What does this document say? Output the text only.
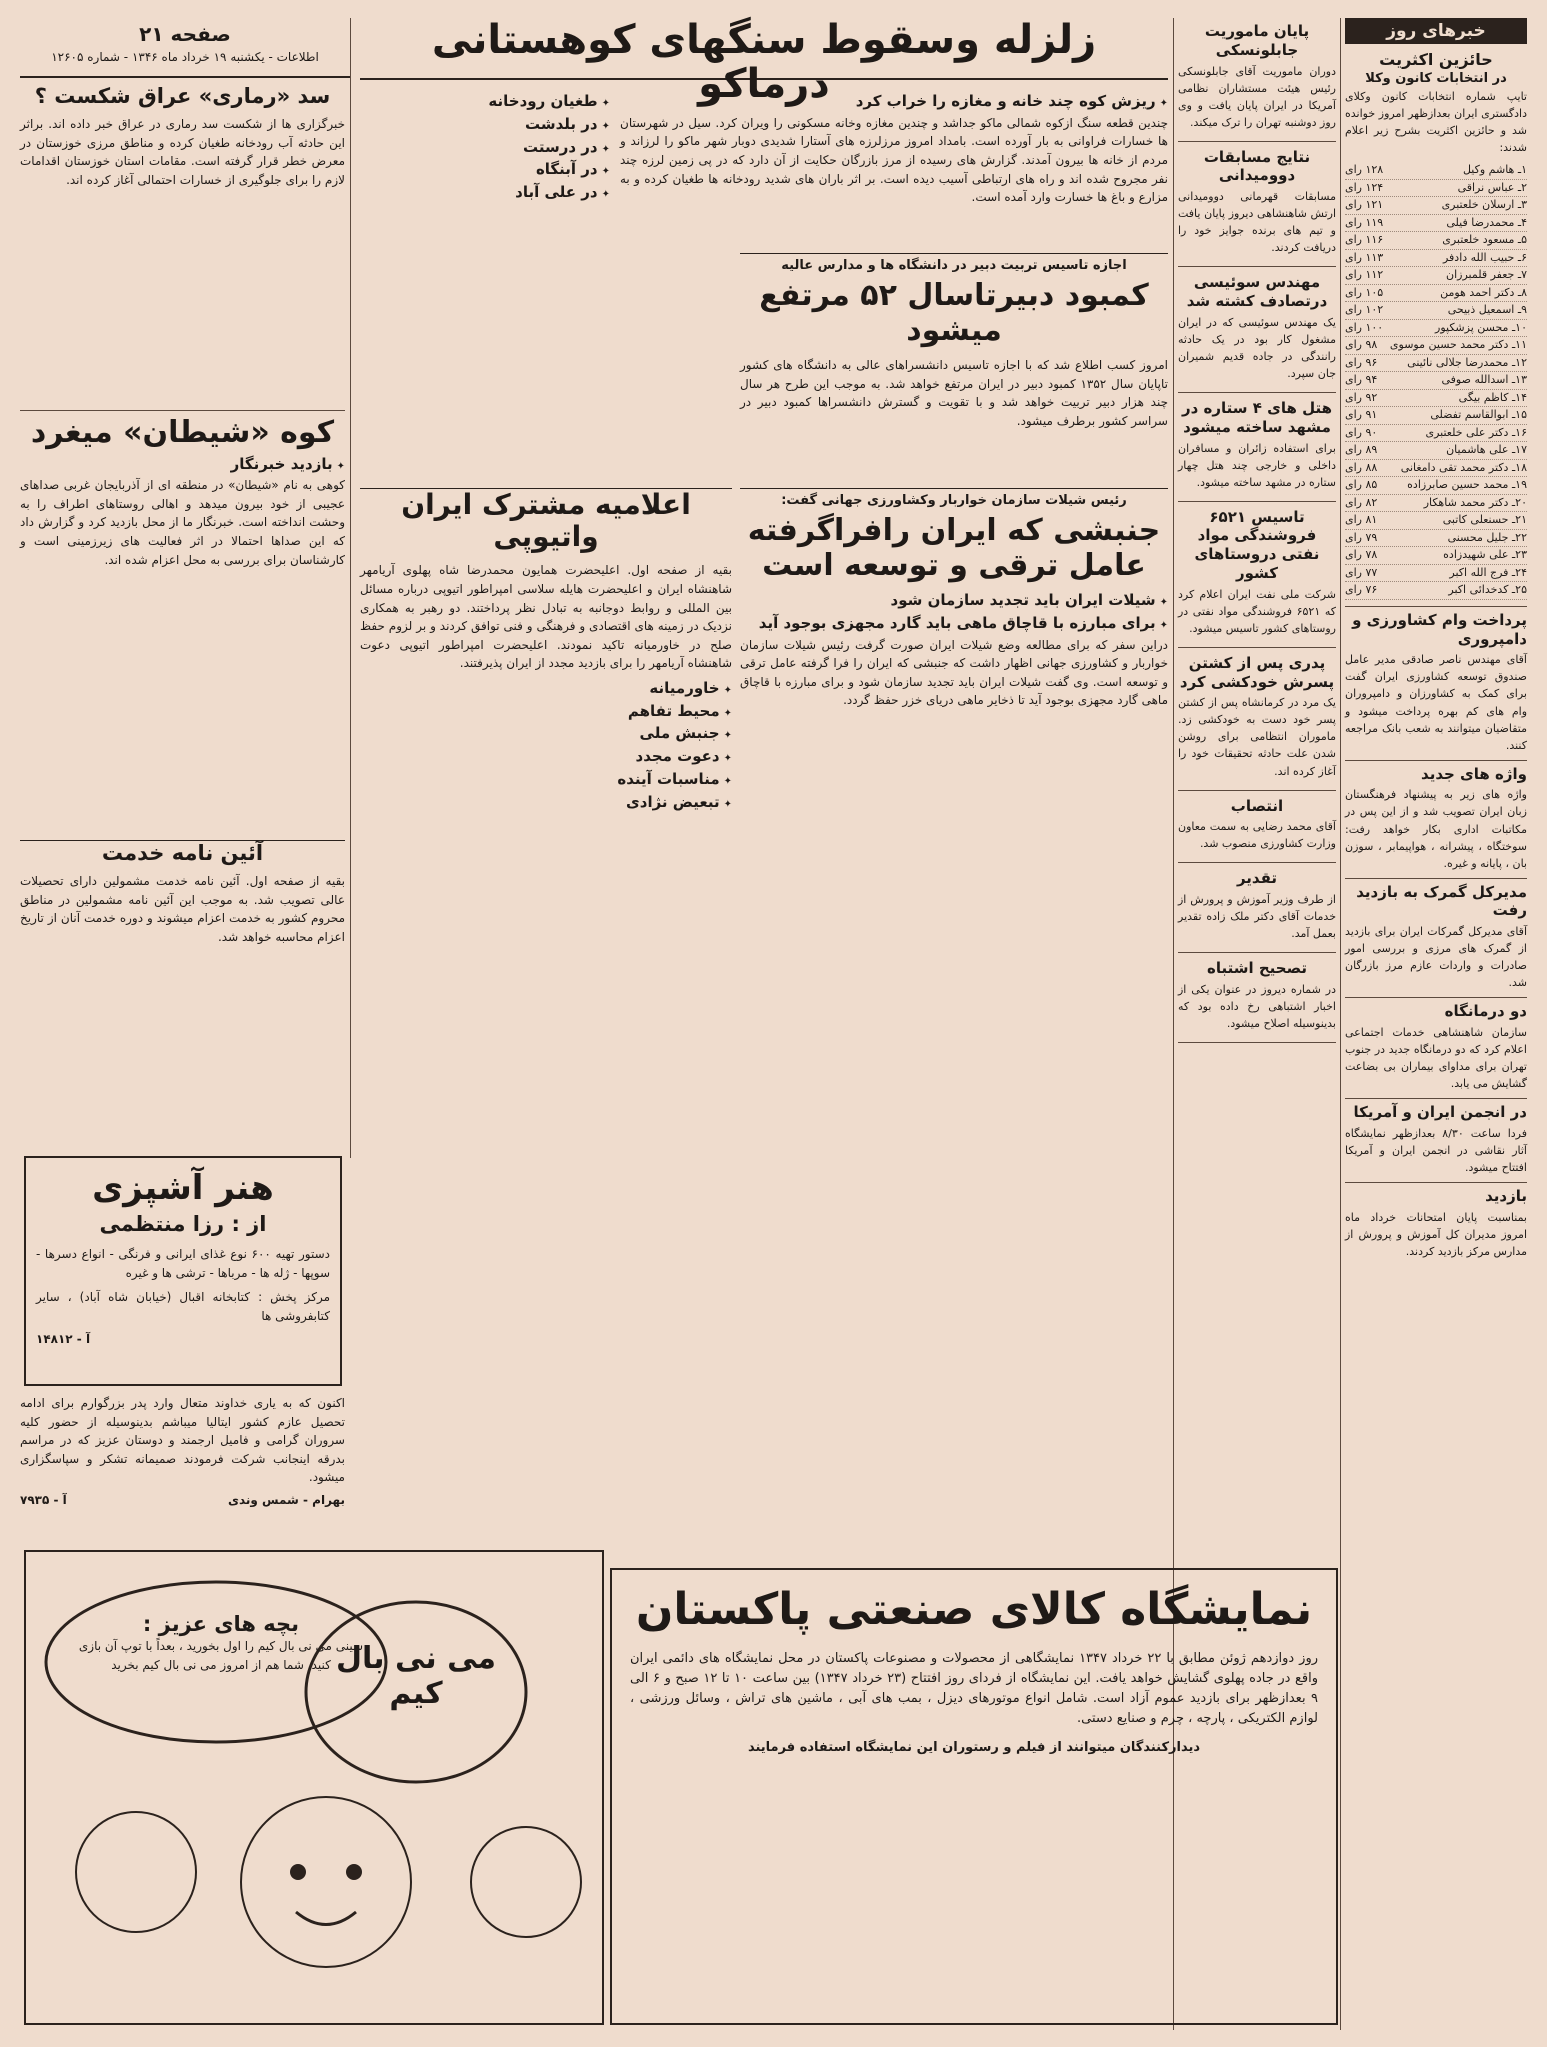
صفحه ۲۱
اطلاعات - یکشنبه ۱۹ خرداد ماه ۱۳۴۶ - شماره ۱۲۶۰۵
خبرهای روز
حائزین اکثریت
در انتخابات کانون وکلا

تایپ شماره انتخابات کانون وکلای دادگستری ایران بعدازظهر امروز خوانده شد و حائزین اکثریت بشرح زیر اعلام شدند:

۱ـ هاشم وکیل
۱۲۸ رای
۲ـ عباس نراقی
۱۲۴ رای
۳ـ ارسلان خلعتبری
۱۲۱ رای
۴ـ محمدرضا فیلی
۱۱۹ رای
۵ـ مسعود خلعتبری
۱۱۶ رای
۶ـ حبیب الله دادفر
۱۱۳ رای
۷ـ جعفر قلمبرزان
۱۱۲ رای
۸ـ دکتر احمد هومن
۱۰۵ رای
۹ـ اسمعیل ذبیحی
۱۰۲ رای
۱۰ـ محسن پزشکپور
۱۰۰ رای
۱۱ـ دکتر محمد حسین موسوی
۹۸ رای
۱۲ـ محمدرضا جلالی نائینی
۹۶ رای
۱۳ـ اسدالله صوفی
۹۴ رای
۱۴ـ کاظم بیگی
۹۲ رای
۱۵ـ ابوالقاسم تفضلی
۹۱ رای
۱۶ـ دکتر علی خلعتبری
۹۰ رای
۱۷ـ علی هاشمیان
۸۹ رای
۱۸ـ دکتر محمد تقی دامغانی
۸۸ رای
۱۹ـ محمد حسین صابرزاده
۸۵ رای
۲۰ـ دکتر محمد شاهکار
۸۲ رای
۲۱ـ حسنعلی کاتبی
۸۱ رای
۲۲ـ جلیل محسنی
۷۹ رای
۲۳ـ علی شهیدزاده
۷۸ رای
۲۴ـ فرج الله اکبر
۷۷ رای
۲۵ـ کدخدائی اکبر
۷۶ رای
پرداخت وام کشاورزی و دامپروری

آقای مهندس ناصر صادقی مدیر عامل صندوق توسعه کشاورزی ایران گفت برای کمک به کشاورزان و دامپروران وام های کم بهره پرداخت میشود و متقاضیان میتوانند به شعب بانک مراجعه کنند.

واژه های جدید

واژه های زیر به پیشنهاد فرهنگستان زبان ایران تصویب شد و از این پس در مکاتبات اداری بکار خواهد رفت: سوختگاه ، پیشرانه ، هواپیمابر ، سوزن بان ، پایانه و غیره.

مدیرکل گمرک به بازدید رفت

آقای مدیرکل گمرکات ایران برای بازدید از گمرک های مرزی و بررسی امور صادرات و واردات عازم مرز بازرگان شد.

دو درمانگاه

سازمان شاهنشاهی خدمات اجتماعی اعلام کرد که دو درمانگاه جدید در جنوب تهران برای مداوای بیماران بی بضاعت گشایش می یابد.

در انجمن ایران و آمریکا

فردا ساعت ۸/۳۰ بعدازظهر نمایشگاه آثار نقاشی در انجمن ایران و آمریکا افتتاح میشود.

بازدید

بمناسبت پایان امتحانات خرداد ماه امروز مدیران کل آموزش و پرورش از مدارس مرکز بازدید کردند.

پایان ماموریت جابلونسکی

دوران ماموریت آقای جابلونسکی رئیس هیئت مستشاران نظامی آمریکا در ایران پایان یافت و وی روز دوشنبه تهران را ترک میکند.

نتایج مسابقات دوومیدانی

مسابقات قهرمانی دوومیدانی ارتش شاهنشاهی دیروز پایان یافت و تیم های برنده جوایز خود را دریافت کردند.

مهندس سوئیسی درتصادف کشته شد

یک مهندس سوئیسی که در ایران مشغول کار بود در یک حادثه رانندگی در جاده قدیم شمیران جان سپرد.

هتل های ۴ ستاره در مشهد ساخته میشود

برای استفاده زائران و مسافران داخلی و خارجی چند هتل چهار ستاره در مشهد ساخته میشود.

تاسیس ۶۵۲۱ فروشندگی مواد نفتی دروستاهای کشور

شرکت ملی نفت ایران اعلام کرد که ۶۵۲۱ فروشندگی مواد نفتی در روستاهای کشور تاسیس میشود.

پدری پس از کشتن پسرش خودکشی کرد

یک مرد در کرمانشاه پس از کشتن پسر خود دست به خودکشی زد. ماموران انتظامی برای روشن شدن علت حادثه تحقیقات خود را آغاز کرده اند.

انتصاب

آقای محمد رضایی به سمت معاون وزارت کشاورزی منصوب شد.

تقدیر

از طرف وزیر آموزش و پرورش از خدمات آقای دکتر ملک زاده تقدیر بعمل آمد.

تصحیح اشتباه

در شماره دیروز در عنوان یکی از اخبار اشتباهی رخ داده بود که بدینوسیله اصلاح میشود.

زلزله وسقوط سنگهای کوهستانی درماکو
✦	ریزش کوه چند خانه و مغازه را خراب کرد

چندین قطعه سنگ ازکوه شمالی ماکو جداشد و چندین مغازه وخانه مسکونی را ویران کرد. سیل در شهرستان ها خسارات فراوانی به بار آورده است. بامداد امروز مرزلرزه های آستارا شدیدی دوبار شهر ماکو را لرزاند و مردم از خانه ها بیرون آمدند. گزارش های رسیده از مرز بازرگان حکایت از آن دارد که در پی زمین لرزه چند نفر مجروح شده اند و راه های ارتباطی آسیب دیده است. بر اثر باران های شدید رودخانه ها طغیان کرده و به مزارع و باغ ها خسارت وارد آمده است.

✦ طغیان رودخانه
✦ در بلدشت
✦ در درستت
✦ در آبنگاه
✦ در علی آباد
اجازه تاسیس تربیت دبیر در دانشگاه ها و مدارس عالیه
کمبود دبیرتاسال ۵۲ مرتفع میشود

امروز کسب اطلاع شد که با اجازه تاسیس دانشسراهای عالی به دانشگاه های کشور تاپایان سال ۱۳۵۲ کمبود دبیر در ایران مرتفع خواهد شد. به موجب این طرح هر سال چند هزار دبیر تربیت خواهد شد و با تقویت و گسترش دانشسراها کمبود دبیر در سراسر کشور برطرف میشود.

سد «رماری» عراق شکست ؟

خبرگزاری ها از شکست سد رماری در عراق خبر داده اند. براثر این حادثه آب رودخانه طغیان کرده و مناطق مرزی خوزستان در معرض خطر قرار گرفته است. مقامات استان خوزستان اقدامات لازم را برای جلوگیری از خسارات احتمالی آغاز کرده اند.

کوه «شیطان» میغرد
✦ بازدید خبرنگار

کوهی به نام «شیطان» در منطقه ای از آذربایجان غربی صداهای عجیبی از خود بیرون میدهد و اهالی روستاهای اطراف را به وحشت انداخته است. خبرنگار ما از محل بازدید کرد و گزارش داد که این صداها احتمالا در اثر فعالیت های زیرزمینی است و کارشناسان برای بررسی به محل اعزام شده اند.

رئیس شیلات سازمان خواربار وکشاورزی جهانی گفت:
جنبشی که ایران رافراگرفته عامل ترقی و توسعه است
✦ شیلات ایران باید تجدید سازمان شود
✦ برای مبارزه با قاچاق ماهی باید گارد مجهزی بوجود آید

دراین سفر که برای مطالعه وضع شیلات ایران صورت گرفت رئیس شیلات سازمان خواربار و کشاورزی جهانی اظهار داشت که جنبشی که ایران را فرا گرفته عامل ترقی و توسعه است. وی گفت شیلات ایران باید تجدید سازمان شود و برای مبارزه با قاچاق ماهی گارد مجهزی بوجود آید تا ذخایر ماهی دریای خزر حفظ گردد.

اعلامیه مشترک ایران واتیوپی

بقیه از صفحه اول. اعلیحضرت همایون محمدرضا شاه پهلوی آریامهر شاهنشاه ایران و اعلیحضرت هایله سلاسی امپراطور اتیوپی درباره مسائل بین المللی و روابط دوجانبه به تبادل نظر پرداختند. دو رهبر به همکاری نزدیک در زمینه های اقتصادی و فرهنگی و فنی توافق کردند و بر لزوم حفظ صلح در خاورمیانه تاکید نمودند. اعلیحضرت امپراطور اتیوپی دعوت شاهنشاه آریامهر را برای بازدید مجدد از ایران پذیرفتند.

✦ خاورمیانه
✦ محیط تفاهم
✦ جنبش ملی
✦ دعوت مجدد
✦ مناسبات آینده
✦ تبعیض نژادی
آئین نامه خدمت

بقیه از صفحه اول. آئین نامه خدمت مشمولین دارای تحصیلات عالی تصویب شد. به موجب این آئین نامه مشمولین در مناطق محروم کشور به خدمت اعزام میشوند و دوره خدمت آنان از تاریخ اعزام محاسبه خواهد شد.

هنر آشپزی
از : رزا منتظمی

دستور تهیه ۶۰۰ نوع غذای ایرانی و فرنگی - انواع دسرها - سوپها - ژله ها - مرباها - ترشی ها و غیره

مرکز پخش : کتابخانه اقبال (خیابان شاه آباد) ، سایر کتابفروشی ها

آ - ۱۴۸۱۲

اکنون که به یاری خداوند متعال وارد پدر بزرگوارم برای ادامه تحصیل عازم کشور ایتالیا میباشم بدینوسیله از حضور کلیه سروران گرامی و فامیل ارجمند و دوستان عزیز که در مراسم بدرقه اینجانب شرکت فرمودند صمیمانه تشکر و سپاسگزاری میشود.

بهرام - شمس وندی
آ - ۷۹۳۵
بچه های عزیز :

سینی می نی بال کیم را اول بخورید ، بعداً با توپ آن بازی کنید. شما هم از امروز می نی بال کیم بخرید می نی بال کیم
نمایشگاه کالای صنعتی پاکستان

روز دوازدهم ژوئن مطابق با ۲۲ خرداد ۱۳۴۷ نمایشگاهی از محصولات و مصنوعات پاکستان در محل نمایشگاه های دائمی ایران واقع در جاده پهلوی گشایش خواهد یافت. این نمایشگاه از فردای روز افتتاح (۲۳ خرداد ۱۳۴۷) بین ساعت ۱۰ تا ۱۲ صبح و ۶ الی ۹ بعدازظهر برای بازدید عموم آزاد است. شامل انواع موتورهای دیزل ، بمب های آبی ، ماشین های تراش ، وسائل ورزشی ، لوازم الکتریکی ، پارچه ، چرم و صنایع دستی.

دیدارکنندگان میتوانند از فیلم و رستوران این نمایشگاه استفاده فرمایند
